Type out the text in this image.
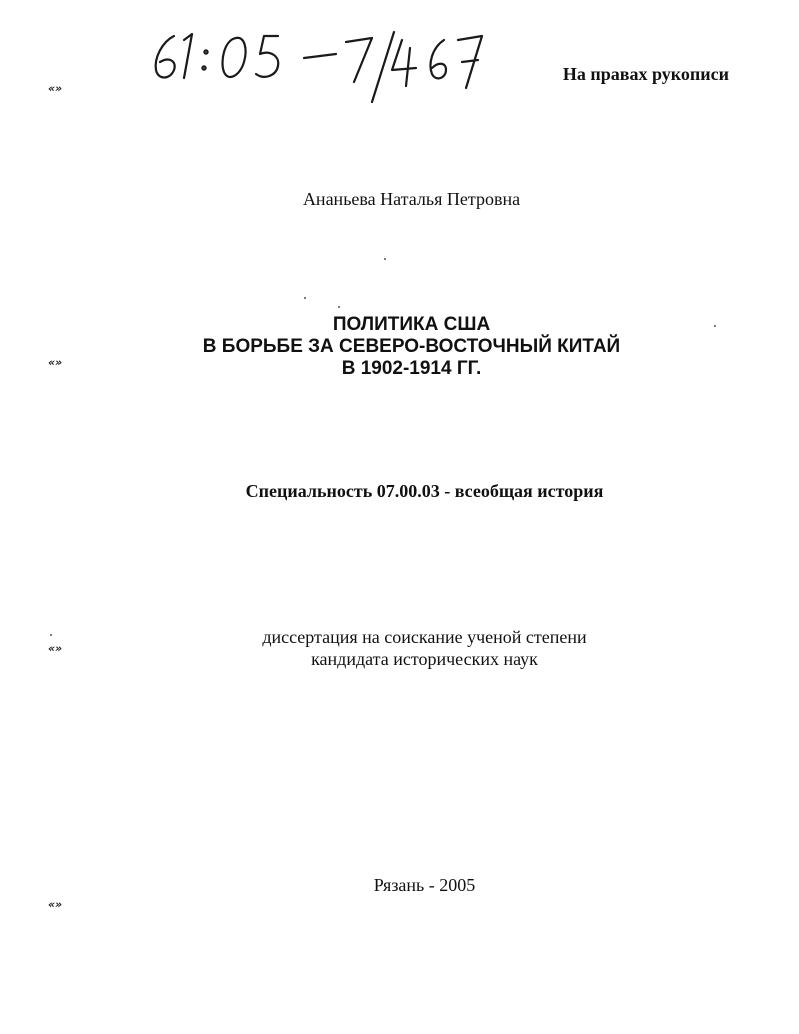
На правах рукописи
Ананьева Наталья Петровна
ПОЛИТИКА США
В БОРЬБЕ ЗА СЕВЕРО-ВОСТОЧНЫЙ КИТАЙ
В 1902-1914 ГГ.
Специальность 07.00.03 - всеобщая история
диссертация на соискание ученой степени
кандидата исторических наук
Рязань - 2005
«»
«»
«»
«»
